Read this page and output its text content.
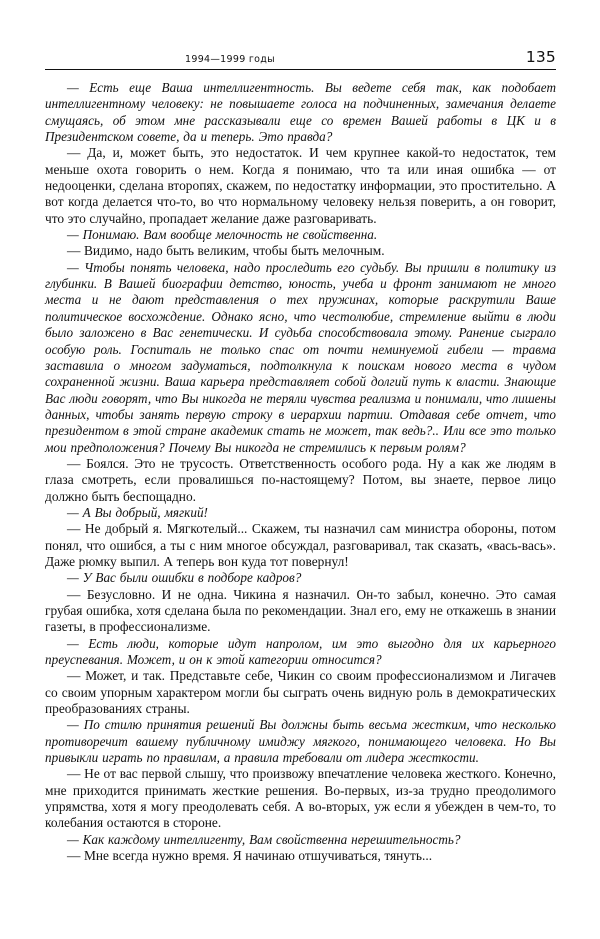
1994—1999 годы	135

— Есть еще Ваша интеллигентность. Вы ведете себя так, как подобает интеллигентному человеку: не повышаете голоса на подчиненных, замечания делаете смущаясь, об этом мне рассказывали еще со времен Вашей работы в ЦК и в Президентском совете, да и теперь. Это правда?

— Да, и, может быть, это недостаток. И чем крупнее какой-то недостаток, тем меньше охота говорить о нем. Когда я понимаю, что та или иная ошибка — от недооценки, сделана второпях, скажем, по недостатку информации, это простительно. А вот когда делается что-то, во что нормальному человеку нельзя поверить, а он говорит, что это случайно, пропадает желание даже разговаривать.

— Понимаю. Вам вообще мелочность не свойственна.

— Видимо, надо быть великим, чтобы быть мелочным.

— Чтобы понять человека, надо проследить его судьбу. Вы пришли в политику из глубинки. В Вашей биографии детство, юность, учеба и фронт занимают не много места и не дают представления о тех пружинах, которые раскрутили Ваше политическое восхождение. Однако ясно, что честолюбие, стремление выйти в люди было заложено в Вас генетически. И судьба способствовала этому. Ранение сыграло особую роль. Госпиталь не только спас от почти неминуемой гибели — травма заставила о многом задуматься, подтолкнула к поискам нового места в чудом сохраненной жизни. Ваша карьера представляет собой долгий путь к власти. Знающие Вас люди говорят, что Вы никогда не теряли чувства реализма и понимали, что лишены данных, чтобы занять первую строку в иерархии партии. Отдавая себе отчет, что президентом в этой стране академик стать не может, так ведь?.. Или все это только мои предположения? Почему Вы никогда не стремились к первым ролям?

— Боялся. Это не трусость. Ответственность особого рода. Ну а как же людям в глаза смотреть, если провалишься по-настоящему? Потом, вы знаете, первое лицо должно быть беспощадно.

— А Вы добрый, мягкий!

— Не добрый я. Мягкотелый... Скажем, ты назначил сам министра обороны, потом понял, что ошибся, а ты с ним многое обсуждал, разговаривал, так сказать, «вась-вась». Даже рюмку выпил. А теперь вон куда тот повернул!

— У Вас были ошибки в подборе кадров?

— Безусловно. И не одна. Чикина я назначил. Он-то забыл, конечно. Это самая грубая ошибка, хотя сделана была по рекомендации. Знал его, ему не откажешь в знании газеты, в профессионализме.

— Есть люди, которые идут напролом, им это выгодно для их карьерного преуспевания. Может, и он к этой категории относится?

— Может, и так. Представьте себе, Чикин со своим профессионализмом и Лигачев со своим упорным характером могли бы сыграть очень видную роль в демократических преобразованиях страны.

— По стилю принятия решений Вы должны быть весьма жестким, что несколько противоречит вашему публичному имиджу мягкого, понимающего человека. Но Вы привыкли играть по правилам, а правила требовали от лидера жесткости.

— Не от вас первой слышу, что произвожу впечатление человека жесткого. Конечно, мне приходится принимать жесткие решения. Во-первых, из-за трудно преодолимого упрямства, хотя я могу преодолевать себя. А во-вторых, уж если я убежден в чем-то, то колебания остаются в стороне.

— Как каждому интеллигенту, Вам свойственна нерешительность?

— Мне всегда нужно время. Я начинаю отшучиваться, тянуть...
